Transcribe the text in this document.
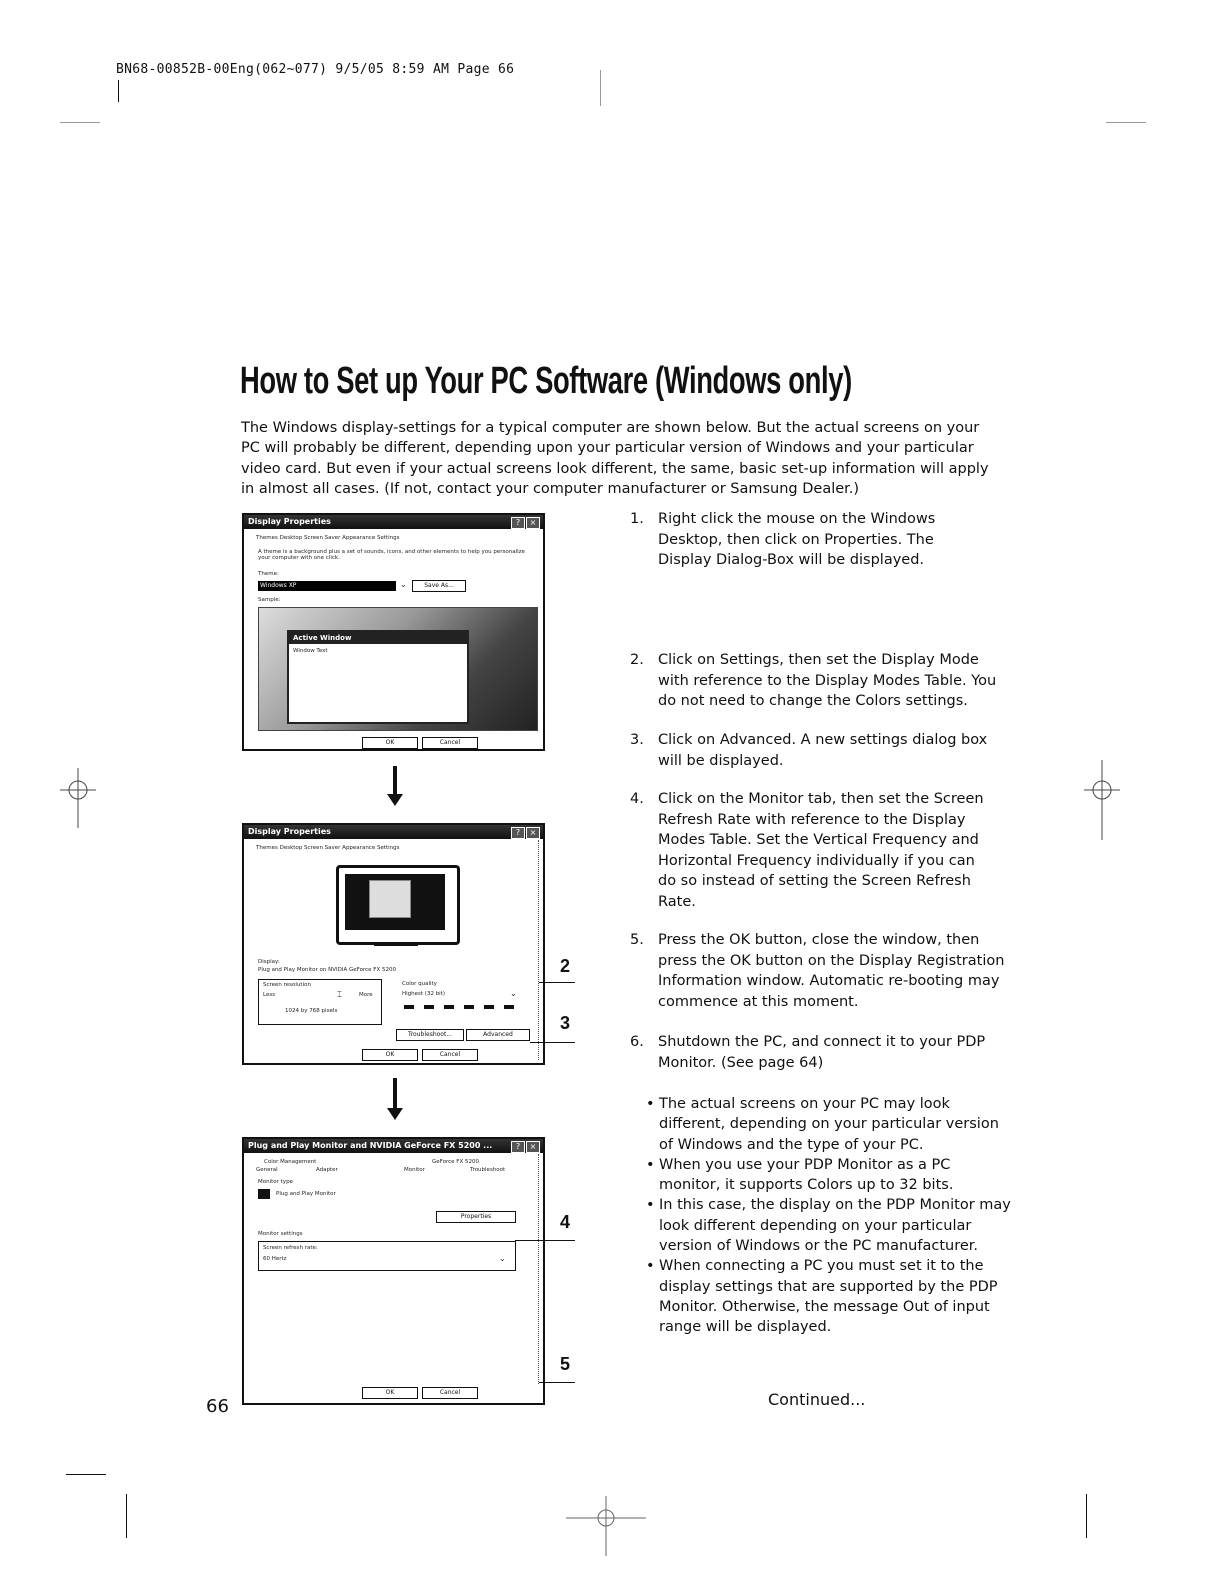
BN68-00852B-00Eng(062~077) 9/5/05 8:59 AM Page 66
How to Set up Your PC Software (Windows only)

The Windows display-settings for a typical computer are shown below. But the actual screens on your PC will probably be different, depending upon your particular version of Windows and your particular video card. But even if your actual screens look different, the same, basic set-up information will apply in almost all cases. (If not, contact your computer manufacturer or Samsung Dealer.)

Display Properties	?	×
Themes Desktop Screen Saver Appearance Settings
A theme is a background plus a set of sounds, icons, and other elements to help you personalize your computer with one click.
Theme:
Windows XP	⌄	Save As...
Sample:
Active Window
Window Text
OK	Cancel
Display Properties	?	×
Themes Desktop Screen Saver Appearance Settings
Display:
Plug and Play Monitor on NVIDIA GeForce FX 5200
Screen resolution
Less	⌶	More
1024 by 768 pixels
Color quality
Highest (32 bit)	⌄
Troubleshoot...	Advanced
OK	Cancel
2
3
Plug and Play Monitor and NVIDIA GeForce FX 5200 ...	?	×
Color Management	GeForce FX 5200
General	Adapter	Monitor	Troubleshoot
Monitor type
Plug and Play Monitor
Properties
Monitor settings
Screen refresh rate:
60 Hertz	⌄
OK	Cancel
4
5
1. Right click the mouse on the Windows Desktop, then click on Properties. The Display Dialog-Box will be displayed.
2. Click on Settings, then set the Display Mode with reference to the Display Modes Table. You do not need to change the Colors settings.
3. Click on Advanced. A new settings dialog box will be displayed.
4. Click on the Monitor tab, then set the Screen Refresh Rate with reference to the Display Modes Table. Set the Vertical Frequency and Horizontal Frequency individually if you can do so instead of setting the Screen Refresh Rate.
5. Press the OK button, close the window, then press the OK button on the Display Registration Information window. Automatic re-booting may commence at this moment.
6. Shutdown the PC, and connect it to your PDP Monitor. (See page 64)

• The actual screens on your PC may look different, depending on your particular version of Windows and the type of your PC.

• When you use your PDP Monitor as a PC monitor, it supports Colors up to 32 bits.

• In this case, the display on the PDP Monitor may look different depending on your particular version of Windows or the PC manufacturer.

• When connecting a PC you must set it to the display settings that are supported by the PDP Monitor. Otherwise, the message Out of input range will be displayed.

Continued...
66
